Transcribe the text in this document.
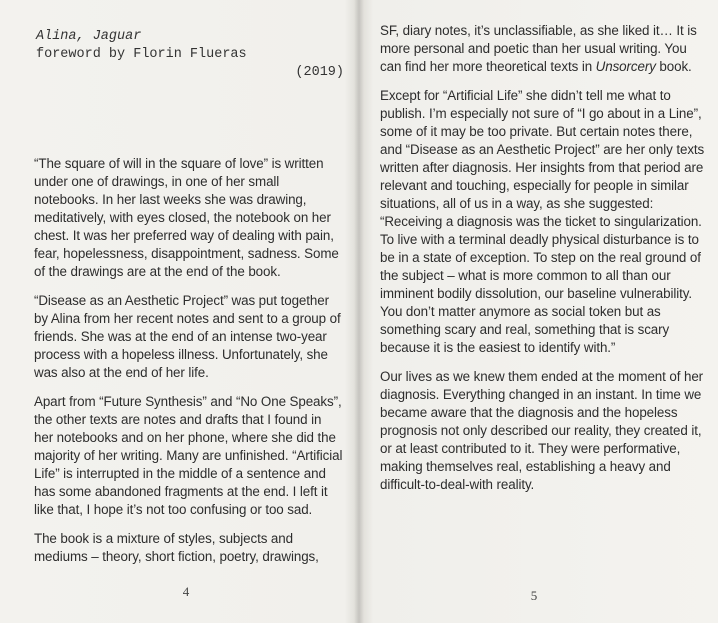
Alina, Jaguar
foreword by Florin Flueras
(2019)

“The square of will in the square of love” is written under one of drawings, in one of her small notebooks. In her last weeks she was drawing, meditatively, with eyes closed, the notebook on her chest. It was her preferred way of dealing with pain, fear, hopelessness, disappointment, sadness. Some of the drawings are at the end of the book.

“Disease as an Aesthetic Project” was put together by Alina from her recent notes and sent to a group of friends. She was at the end of an intense two-year process with a hopeless illness. Unfortunately, she was also at the end of her life.

Apart from “Future Synthesis” and “No One Speaks”, the other texts are notes and drafts that I found in her notebooks and on her phone, where she did the majority of her writing. Many are unfinished. “Artificial Life” is interrupted in the middle of a sentence and has some abandoned fragments at the end. I left it like that, I hope it’s not too confusing or too sad.

The book is a mixture of styles, subjects and mediums – theory, short fiction, poetry, drawings,

4

SF, diary notes, it’s unclassifiable, as she liked it… It is more personal and poetic than her usual writing. You can find her more theoretical texts in Unsorcery book.

Except for “Artificial Life” she didn’t tell me what to publish. I’m especially not sure of “I go about in a Line”, some of it may be too private. But certain notes there, and “Disease as an Aesthetic Project” are her only texts written after diagnosis. Her insights from that period are relevant and touching, especially for people in similar situations, all of us in a way, as she suggested:

“Receiving a diagnosis was the ticket to singularization. To live with a terminal deadly physical disturbance is to be in a state of exception. To step on the real ground of the subject – what is more common to all than our imminent bodily dissolution, our baseline vulnerability. You don’t matter anymore as social token but as something scary and real, something that is scary because it is the easiest to identify with.”

Our lives as we knew them ended at the moment of her diagnosis. Everything changed in an instant. In time we became aware that the diagnosis and the hopeless prognosis not only described our reality, they created it, or at least contributed to it. They were performative, making themselves real, establishing a heavy and difficult-to-deal-with reality.

5
